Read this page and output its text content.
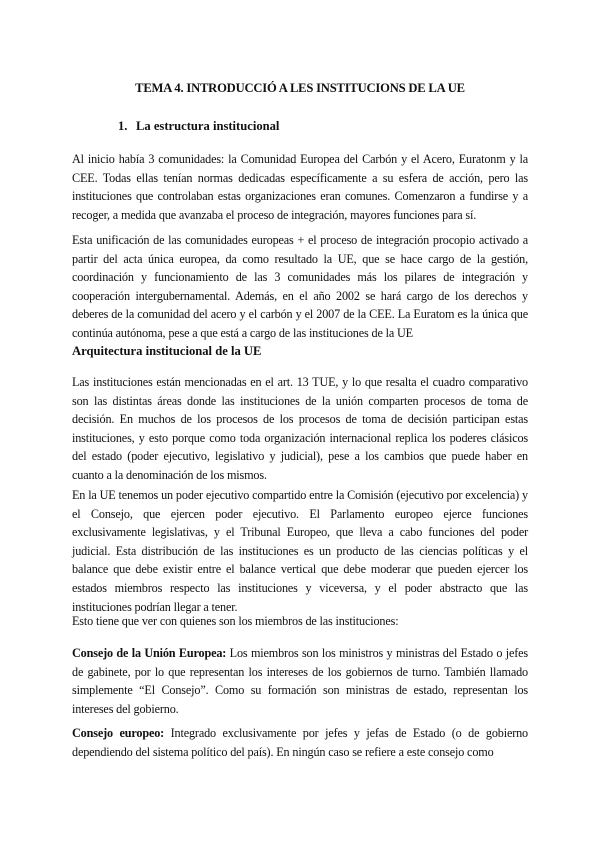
TEMA 4. INTRODUCCIÓ A LES INSTITUCIONS DE LA UE
1. La estructura institucional
Al inicio había 3 comunidades: la Comunidad Europea del Carbón y el Acero, Euratonm y la CEE. Todas ellas tenían normas dedicadas específicamente a su esfera de acción, pero las instituciones que controlaban estas organizaciones eran comunes. Comenzaron a fundirse y a recoger, a medida que avanzaba el proceso de integración, mayores funciones para sí.
Esta unificación de las comunidades europeas + el proceso de integración procopio activado a partir del acta única europea, da como resultado la UE, que se hace cargo de la gestión, coordinación y funcionamiento de las 3 comunidades más los pilares de integración y cooperación intergubernamental. Además, en el año 2002 se hará cargo de los derechos y deberes de la comunidad del acero y el carbón y el 2007 de la CEE. La Euratom es la única que continúa autónoma, pese a que está a cargo de las instituciones de la UE
Arquitectura institucional de la UE
Las instituciones están mencionadas en el art. 13 TUE, y lo que resalta el cuadro comparativo son las distintas áreas donde las instituciones de la unión comparten procesos de toma de decisión. En muchos de los procesos de los procesos de toma de decisión participan estas instituciones, y esto porque como toda organización internacional replica los poderes clásicos del estado (poder ejecutivo, legislativo y judicial), pese a los cambios que puede haber en cuanto a la denominación de los mismos.
En la UE tenemos un poder ejecutivo compartido entre la Comisión (ejecutivo por excelencia) y el Consejo, que ejercen poder ejecutivo. El Parlamento europeo ejerce funciones exclusivamente legislativas, y el Tribunal Europeo, que lleva a cabo funciones del poder judicial. Esta distribución de las instituciones es un producto de las ciencias políticas y el balance que debe existir entre el balance vertical que debe moderar que pueden ejercer los estados miembros respecto las instituciones y viceversa, y el poder abstracto que las instituciones podrían llegar a tener.
Esto tiene que ver con quienes son los miembros de las instituciones:
Consejo de la Unión Europea: Los miembros son los ministros y ministras del Estado o jefes de gabinete, por lo que representan los intereses de los gobiernos de turno. También llamado simplemente “El Consejo”. Como su formación son ministras de estado, representan los intereses del gobierno.
Consejo europeo: Integrado exclusivamente por jefes y jefas de Estado (o de gobierno dependiendo del sistema político del país). En ningún caso se refiere a este consejo como
